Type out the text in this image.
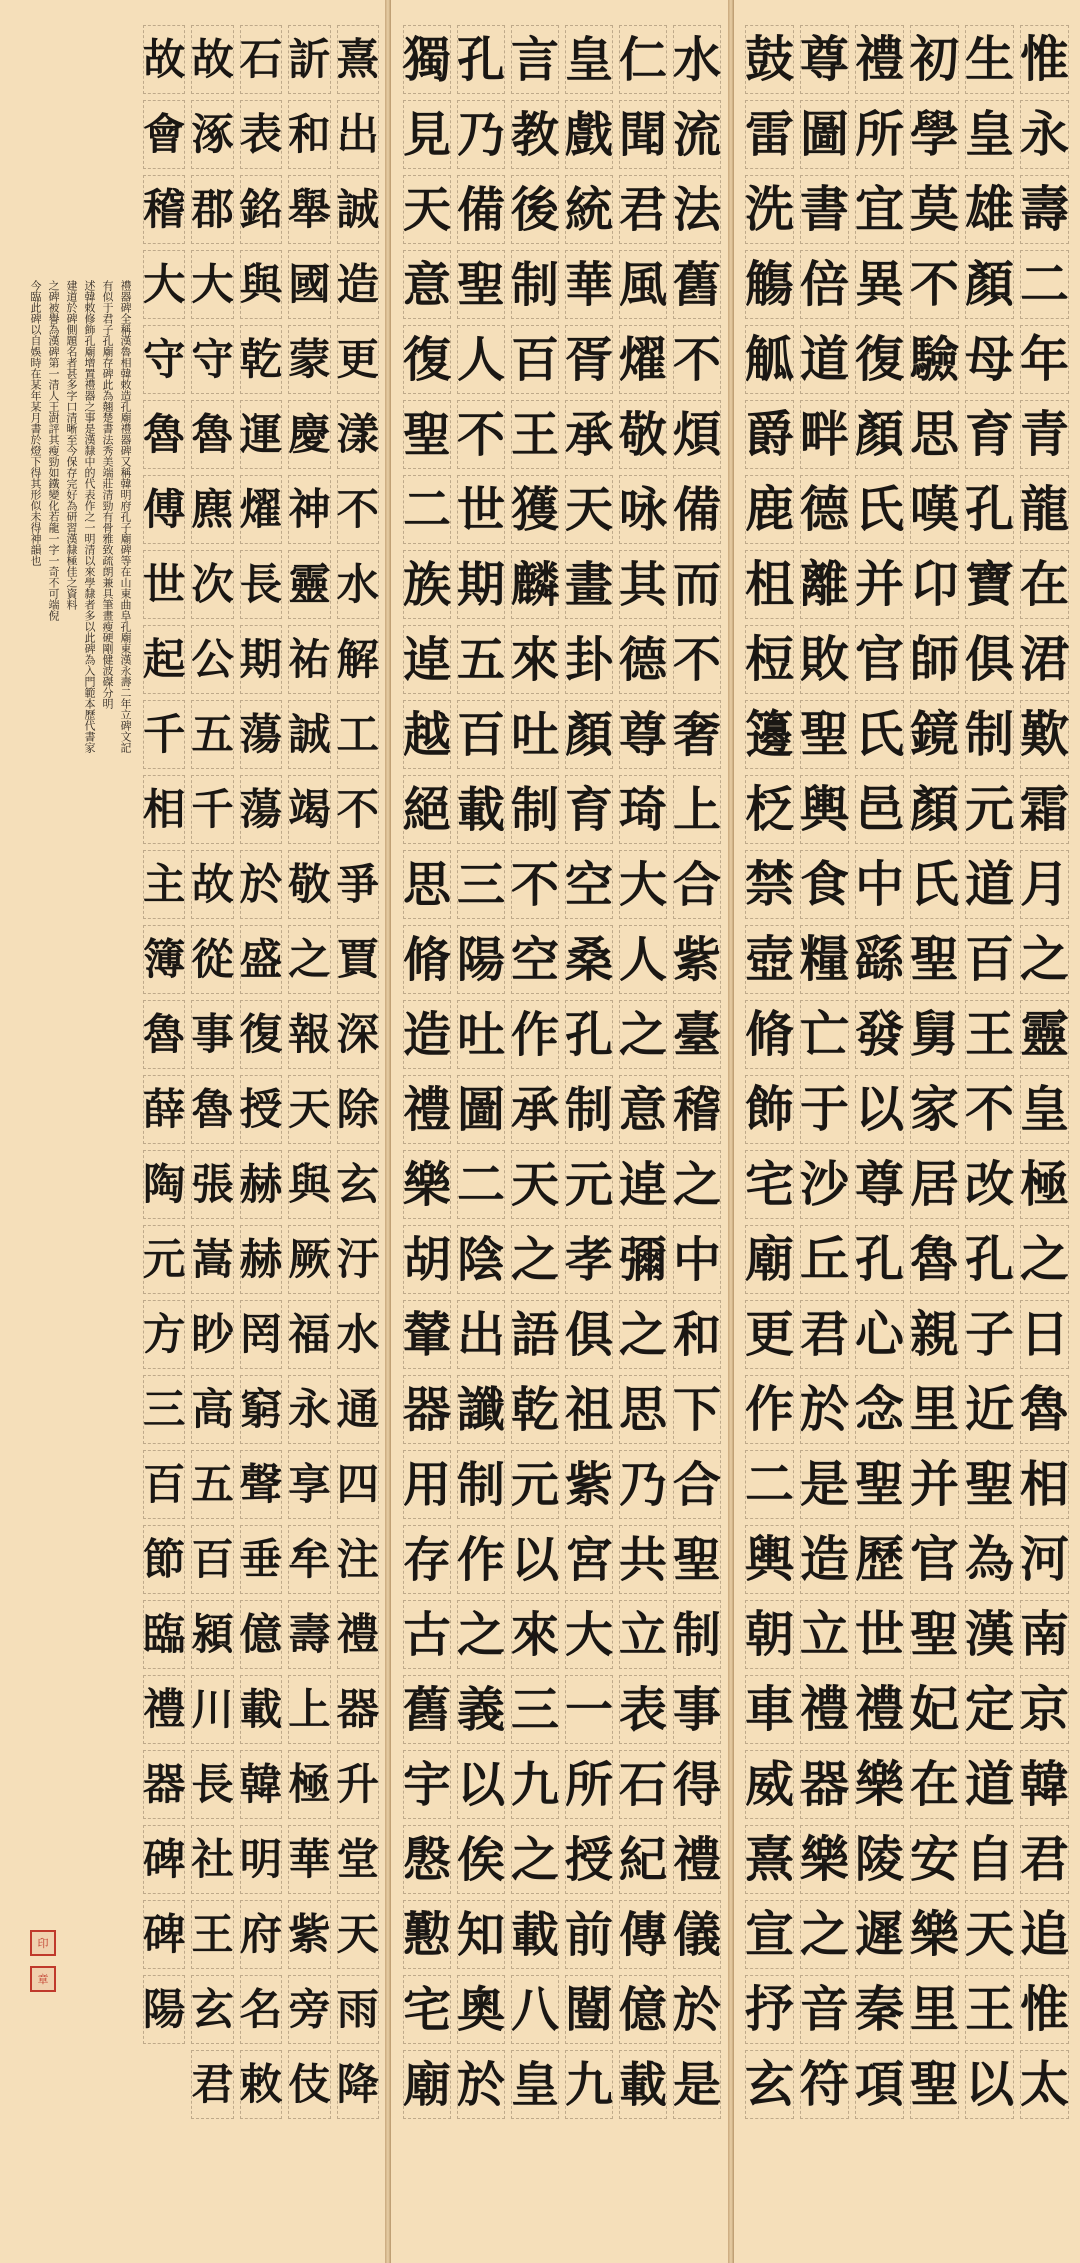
惟
永
壽
二
年
青
龍
在
涒
歎
霜
月
之
靈
皇
極
之
日
魯
相
河
南
京
韓
君
追
惟
太
生
皇
雄
顏
母
育
孔
寶
俱
制
元
道
百
王
不
改
孔
子
近
聖
為
漢
定
道
自
天
王
以
初
學
莫
不
驗
思
嘆
卬
師
鏡
顏
氏
聖
舅
家
居
魯
親
里
并
官
聖
妃
在
安
樂
里
聖
禮
所
宜
異
復
顏
氏
并
官
氏
邑
中
繇
發
以
尊
孔
心
念
聖
歷
世
禮
樂
陵
遲
秦
項
尊
圖
書
倍
道
畔
德
離
敗
聖
輿
食
糧
亡
于
沙
丘
君
於
是
造
立
禮
器
樂
之
音
符
鼓
雷
洗
觴
觚
爵
鹿
柤
梪
籩
柉
禁
壺
脩
飾
宅
廟
更
作
二
輿
朝
車
威
熹
宣
抒
玄
水
流
法
舊
不
煩
備
而
不
奢
上
合
紫
臺
稽
之
中
和
下
合
聖
制
事
得
禮
儀
於
是
仁
聞
君
風
燿
敬
咏
其
德
尊
琦
大
人
之
意
逴
彌
之
思
乃
共
立
表
石
紀
傳
億
載
皇
戲
統
華
胥
承
天
畫
卦
顏
育
空
桑
孔
制
元
孝
俱
祖
紫
宮
大
一
所
授
前
闓
九
言
教
後
制
百
王
獲
麟
來
吐
制
不
空
作
承
天
之
語
乾
元
以
來
三
九
之
載
八
皇
孔
乃
備
聖
人
不
世
期
五
百
載
三
陽
吐
圖
二
陰
出
讖
制
作
之
義
以
俟
知
奧
於
獨
見
天
意
復
聖
二
族
逴
越
絕
思
脩
造
禮
樂
胡
輦
器
用
存
古
舊
宇
慇
懃
宅
廟
熹
出
誠
造
更
漾
不
水
解
工
不
爭
賈
深
除
玄
汙
水
通
四
注
禮
器
升
堂
天
雨
降
訢
和
舉
國
蒙
慶
神
靈
祐
誠
竭
敬
之
報
天
與
厥
福
永
享
牟
壽
上
極
華
紫
旁
伎
石
表
銘
與
乾
運
燿
長
期
蕩
蕩
於
盛
復
授
赫
赫
罔
窮
聲
垂
億
載
韓
明
府
名
敕
故
涿
郡
大
守
魯
麃
次
公
五
千
故
從
事
魯
張
嵩
眇
高
五
百
潁
川
長
社
王
玄
君
故
會
稽
大
守
魯
傅
世
起
千
相
主
簿
魯
薛
陶
元
方
三
百
節
臨
禮
器
碑
碑
陽
禮器碑全稱漢魯相韓敕造孔廟禮器碑又稱韓明府孔子廟碑等在山東曲阜孔廟東漢永壽二年立碑文記
有似于君子孔廟存碑此為翹楚書法秀美端莊清勁有骨雅致疏朗兼具筆畫瘦硬剛健波磔分明
述韓敕修飾孔廟增置禮器之事是漢隸中的代表作之一明清以來學隸者多以此碑為入門範本歷代書家
建道於碑側題名者甚多字口清晰至今保存完好為研習漢隸極佳之資料
之碑被譽為漢碑第一清人王澍評其瘦勁如鐵變化若龍一字一奇不可端倪
今臨此碑以自娛時在某年某月書於燈下得其形似未得神韻也
印
章
